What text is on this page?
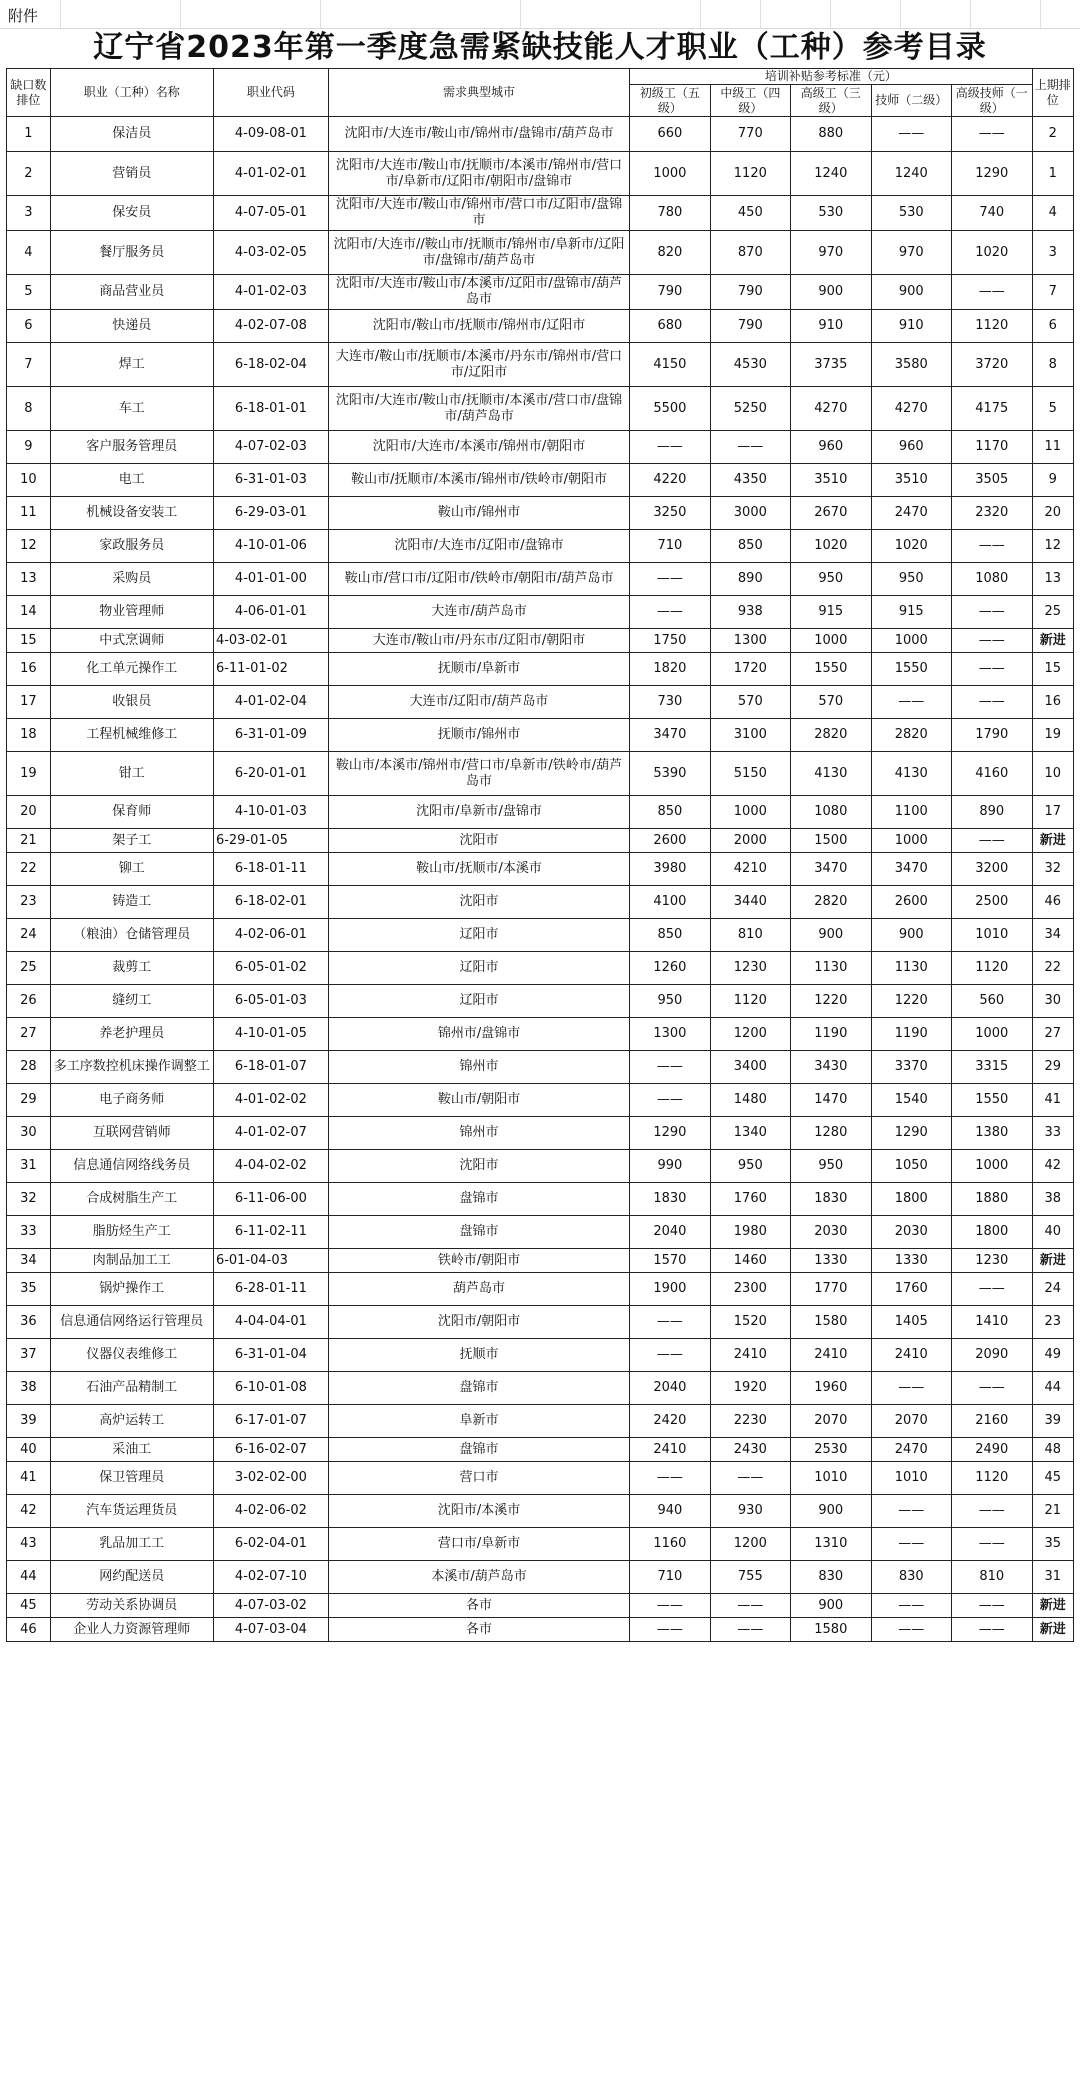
附件
辽宁省2023年第一季度急需紧缺技能人才职业（工种）参考目录
缺口数排位	职业（工种）名称	职业代码	需求典型城市	培训补贴参考标准（元）					上期排位
				初级工（五级）	中级工（四级）	高级工（三级）	技师（二级）	高级技师（一级）	
1	保洁员	4-09-08-01	沈阳市/大连市/鞍山市/锦州市/盘锦市/葫芦岛市	660	770	880	——	——	2
2	营销员	4-01-02-01	沈阳市/大连市/鞍山市/抚顺市/本溪市/锦州市/营口市/阜新市/辽阳市/朝阳市/盘锦市	1000	1120	1240	1240	1290	1
3	保安员	4-07-05-01	沈阳市/大连市/鞍山市/锦州市/营口市/辽阳市/盘锦市	780	450	530	530	740	4
4	餐厅服务员	4-03-02-05	沈阳市/大连市//鞍山市/抚顺市/锦州市/阜新市/辽阳市/盘锦市/葫芦岛市	820	870	970	970	1020	3
5	商品营业员	4-01-02-03	沈阳市/大连市/鞍山市/本溪市/辽阳市/盘锦市/葫芦岛市	790	790	900	900	——	7
6	快递员	4-02-07-08	沈阳市/鞍山市/抚顺市/锦州市/辽阳市	680	790	910	910	1120	6
7	焊工	6-18-02-04	大连市/鞍山市/抚顺市/本溪市/丹东市/锦州市/营口市/辽阳市	4150	4530	3735	3580	3720	8
8	车工	6-18-01-01	沈阳市/大连市/鞍山市/抚顺市/本溪市/营口市/盘锦市/葫芦岛市	5500	5250	4270	4270	4175	5
9	客户服务管理员	4-07-02-03	沈阳市/大连市/本溪市/锦州市/朝阳市	——	——	960	960	1170	11
10	电工	6-31-01-03	鞍山市/抚顺市/本溪市/锦州市/铁岭市/朝阳市	4220	4350	3510	3510	3505	9
11	机械设备安装工	6-29-03-01	鞍山市/锦州市	3250	3000	2670	2470	2320	20
12	家政服务员	4-10-01-06	沈阳市/大连市/辽阳市/盘锦市	710	850	1020	1020	——	12
13	采购员	4-01-01-00	鞍山市/营口市/辽阳市/铁岭市/朝阳市/葫芦岛市	——	890	950	950	1080	13
14	物业管理师	4-06-01-01	大连市/葫芦岛市	——	938	915	915	——	25
15	中式烹调师	4-03-02-01	大连市/鞍山市/丹东市/辽阳市/朝阳市	1750	1300	1000	1000	——	新进
16	化工单元操作工	6-11-01-02	抚顺市/阜新市	1820	1720	1550	1550	——	15
17	收银员	4-01-02-04	大连市/辽阳市/葫芦岛市	730	570	570	——	——	16
18	工程机械维修工	6-31-01-09	抚顺市/锦州市	3470	3100	2820	2820	1790	19
19	钳工	6-20-01-01	鞍山市/本溪市/锦州市/营口市/阜新市/铁岭市/葫芦岛市	5390	5150	4130	4130	4160	10
20	保育师	4-10-01-03	沈阳市/阜新市/盘锦市	850	1000	1080	1100	890	17
21	架子工	6-29-01-05	沈阳市	2600	2000	1500	1000	——	新进
22	铆工	6-18-01-11	鞍山市/抚顺市/本溪市	3980	4210	3470	3470	3200	32
23	铸造工	6-18-02-01	沈阳市	4100	3440	2820	2600	2500	46
24	（粮油）仓储管理员	4-02-06-01	辽阳市	850	810	900	900	1010	34
25	裁剪工	6-05-01-02	辽阳市	1260	1230	1130	1130	1120	22
26	缝纫工	6-05-01-03	辽阳市	950	1120	1220	1220	560	30
27	养老护理员	4-10-01-05	锦州市/盘锦市	1300	1200	1190	1190	1000	27
28	多工序数控机床操作调整工	6-18-01-07	锦州市	——	3400	3430	3370	3315	29
29	电子商务师	4-01-02-02	鞍山市/朝阳市	——	1480	1470	1540	1550	41
30	互联网营销师	4-01-02-07	锦州市	1290	1340	1280	1290	1380	33
31	信息通信网络线务员	4-04-02-02	沈阳市	990	950	950	1050	1000	42
32	合成树脂生产工	6-11-06-00	盘锦市	1830	1760	1830	1800	1880	38
33	脂肪烃生产工	6-11-02-11	盘锦市	2040	1980	2030	2030	1800	40
34	肉制品加工工	6-01-04-03	铁岭市/朝阳市	1570	1460	1330	1330	1230	新进
35	锅炉操作工	6-28-01-11	葫芦岛市	1900	2300	1770	1760	——	24
36	信息通信网络运行管理员	4-04-04-01	沈阳市/朝阳市	——	1520	1580	1405	1410	23
37	仪器仪表维修工	6-31-01-04	抚顺市	——	2410	2410	2410	2090	49
38	石油产品精制工	6-10-01-08	盘锦市	2040	1920	1960	——	——	44
39	高炉运转工	6-17-01-07	阜新市	2420	2230	2070	2070	2160	39
40	采油工	6-16-02-07	盘锦市	2410	2430	2530	2470	2490	48
41	保卫管理员	3-02-02-00	营口市	——	——	1010	1010	1120	45
42	汽车货运理货员	4-02-06-02	沈阳市/本溪市	940	930	900	——	——	21
43	乳品加工工	6-02-04-01	营口市/阜新市	1160	1200	1310	——	——	35
44	网约配送员	4-02-07-10	本溪市/葫芦岛市	710	755	830	830	810	31
45	劳动关系协调员	4-07-03-02	各市	——	——	900	——	——	新进
46	企业人力资源管理师	4-07-03-04	各市	——	——	1580	——	——	新进
